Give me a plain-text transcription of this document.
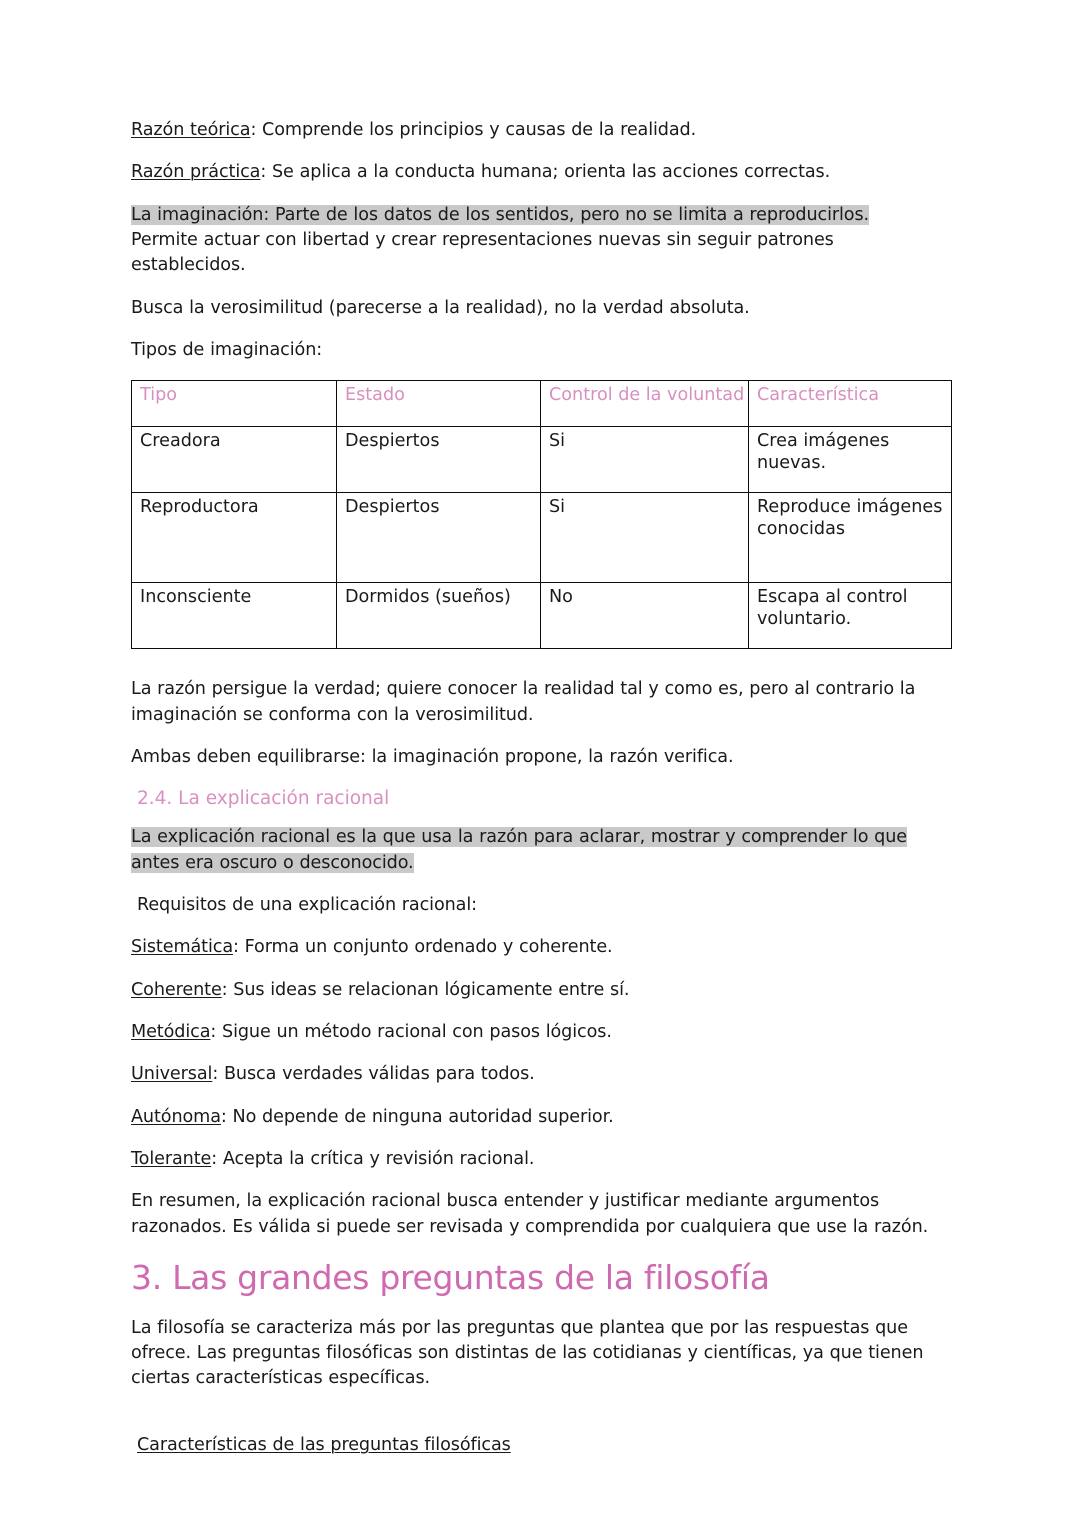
Razón teórica: Comprende los principios y causas de la realidad.

Razón práctica: Se aplica a la conducta humana; orienta las acciones correctas.

La imaginación: Parte de los datos de los sentidos, pero no se limita a reproducirlos. Permite actuar con libertad y crear representaciones nuevas sin seguir patrones establecidos.

Busca la verosimilitud (parecerse a la realidad), no la verdad absoluta.

Tipos de imaginación:

Tipo	Estado	Control de la voluntad	Característica
Creadora	Despiertos	Si	Crea imágenes nuevas.
Reproductora	Despiertos	Si	Reproduce imágenes conocidas
Inconsciente	Dormidos (sueños)	No	Escapa al control voluntario.

La razón persigue la verdad; quiere conocer la realidad tal y como es, pero al contrario la imaginación se conforma con la verosimilitud.

Ambas deben equilibrarse: la imaginación propone, la razón verifica.

2.4. La explicación racional

La explicación racional es la que usa la razón para aclarar, mostrar y comprender lo que antes era oscuro o desconocido.

Requisitos de una explicación racional:

Sistemática: Forma un conjunto ordenado y coherente.

Coherente: Sus ideas se relacionan lógicamente entre sí.

Metódica: Sigue un método racional con pasos lógicos.

Universal: Busca verdades válidas para todos.

Autónoma: No depende de ninguna autoridad superior.

Tolerante: Acepta la crítica y revisión racional.

En resumen, la explicación racional busca entender y justificar mediante argumentos razonados. Es válida si puede ser revisada y comprendida por cualquiera que use la razón.

3. Las grandes preguntas de la filosofía

La filosofía se caracteriza más por las preguntas que plantea que por las respuestas que ofrece. Las preguntas filosóficas son distintas de las cotidianas y científicas, ya que tienen ciertas características específicas.

Características de las preguntas filosóficas
